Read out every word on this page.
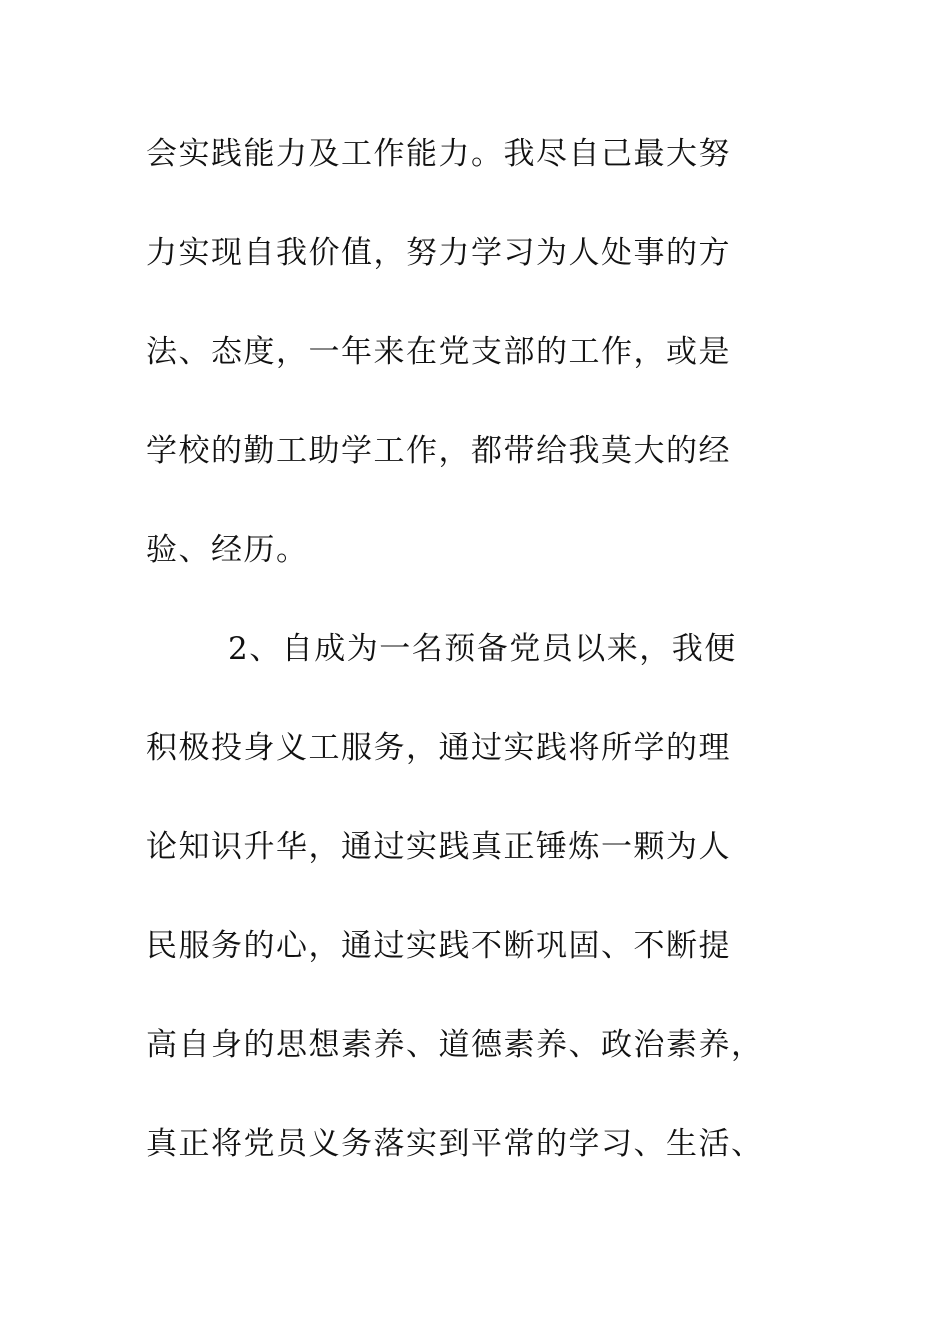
会实践能力及工作能力。我尽自己最大努
力实现自我价值，努力学习为人处事的方
法、态度，一年来在党支部的工作，或是
学校的勤工助学工作，都带给我莫大的经
验、经历。
2、自成为一名预备党员以来，我便
积极投身义工服务，通过实践将所学的理
论知识升华，通过实践真正锤炼一颗为人
民服务的心，通过实践不断巩固、不断提
高自身的思想素养、道德素养、政治素养，
真正将党员义务落实到平常的学习、生活、
